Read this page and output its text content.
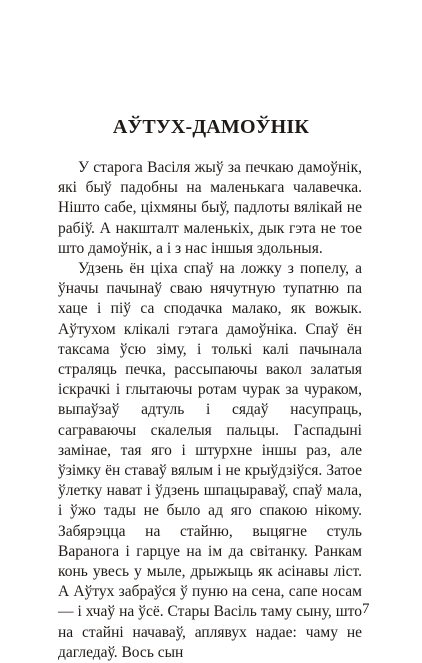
АЎТУХ-ДАМОЎНІК

У старога Васіля жыў за печкаю дамоўнік, які быў падобны на маленькага чалавечка. Нішто сабе, ціхмяны быў, падлоты вялікай не рабіў. А накшталт маленькіх, дык гэта не тое што дамоўнік, а і з нас іншыя здольныя.

Удзень ён ціха спаў на ложку з попелу, а ўначы пачынаў сваю нячутную тупатню па хаце і піў са сподачка малако, як вожык. Аўтухом клікалі гэтага дамоўніка. Спаў ён таксама ўсю зіму, і толькі калі пачынала страляць печка, рассыпаючы вакол залатыя іскрачкі і глытаючы ротам чурак за чураком, выпаўзаў адтуль і сядаў насупраць, саграваючы скалелыя пальцы. Гаспадыні замінае, тая яго і штурхне іншы раз, але ўзімку ён ставаў вялым і не крыўдзіўся. Затое ўлетку нават і ўдзень шпацыраваў, спаў мала, і ўжо тады не было ад яго спакою нікому. Забярэцца на стайню, выцягне стуль Варанога і гарцуе на ім да світанку. Ранкам конь увесь у мыле, дрыжыць як асінавы ліст. А Аўтух забраўся ў пуню на сена, сапе носам — і хчаў на ўсё. Стары Васіль таму сыну, што на стайні начаваў, аплявух надае: чаму не дагледаў. Вось сын

7
